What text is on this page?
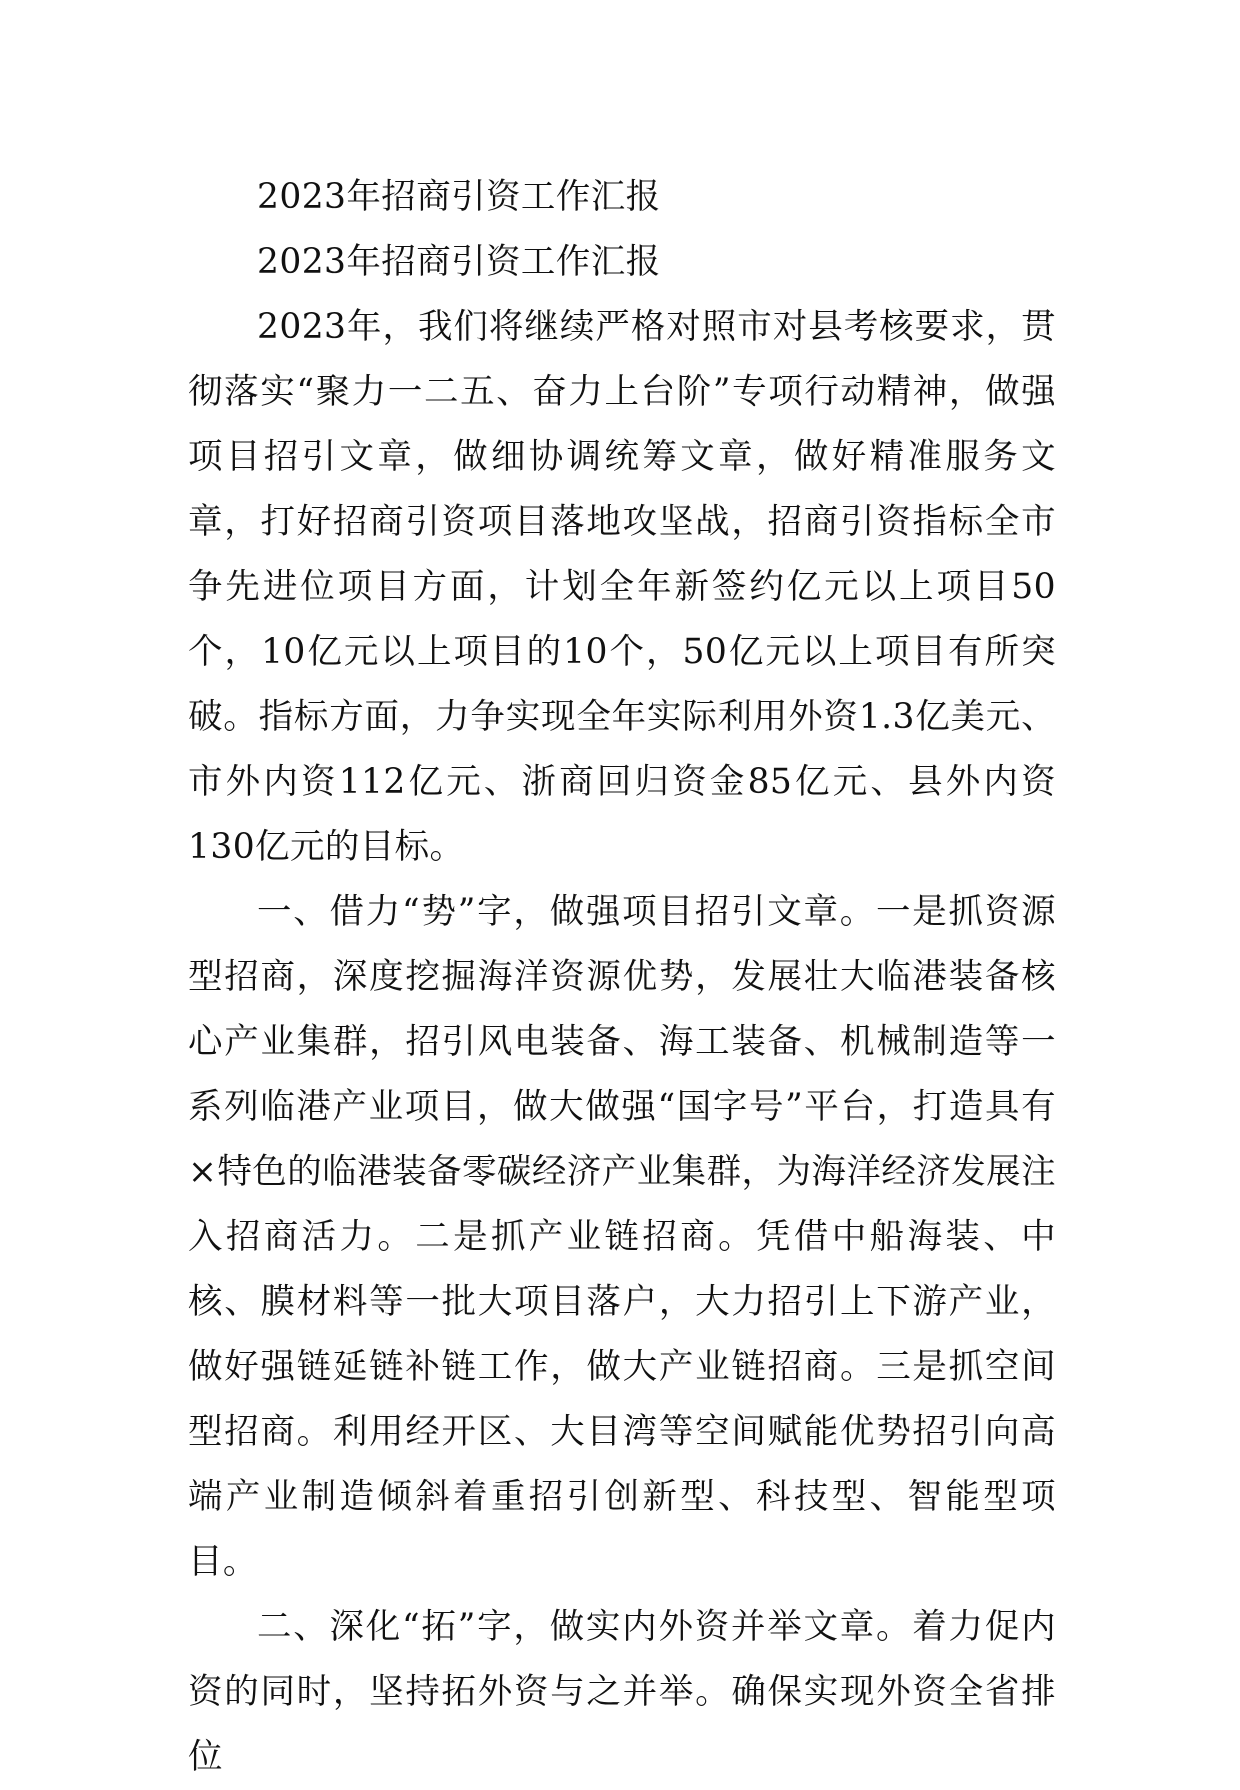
2023年招商引资工作汇报

2023年招商引资工作汇报

2023年，我们将继续严格对照市对县考核要求，贯彻落实“聚力一二五、奋力上台阶”专项行动精神，做强项目招引文章，做细协调统筹文章，做好精准服务文章，打好招商引资项目落地攻坚战，招商引资指标全市争先进位项目方面，计划全年新签约亿元以上项目50个，10亿元以上项目的10个，50亿元以上项目有所突破。指标方面，力争实现全年实际利用外资1.3亿美元、市外内资112亿元、浙商回归资金85亿元、县外内资130亿元的目标。

一、借力“势”字，做强项目招引文章。一是抓资源型招商，深度挖掘海洋资源优势，发展壮大临港装备核心产业集群，招引风电装备、海工装备、机械制造等一系列临港产业项目，做大做强“国字号”平台，打造具有×特色的临港装备零碳经济产业集群，为海洋经济发展注入招商活力。二是抓产业链招商。凭借中船海装、中核、膜材料等一批大项目落户，大力招引上下游产业，做好强链延链补链工作，做大产业链招商。三是抓空间型招商。利用经开区、大目湾等空间赋能优势招引向高端产业制造倾斜着重招引创新型、科技型、智能型项目。

二、深化“拓”字，做实内外资并举文章。着力促内资的同时，坚持拓外资与之并举。确保实现外资全省排位
